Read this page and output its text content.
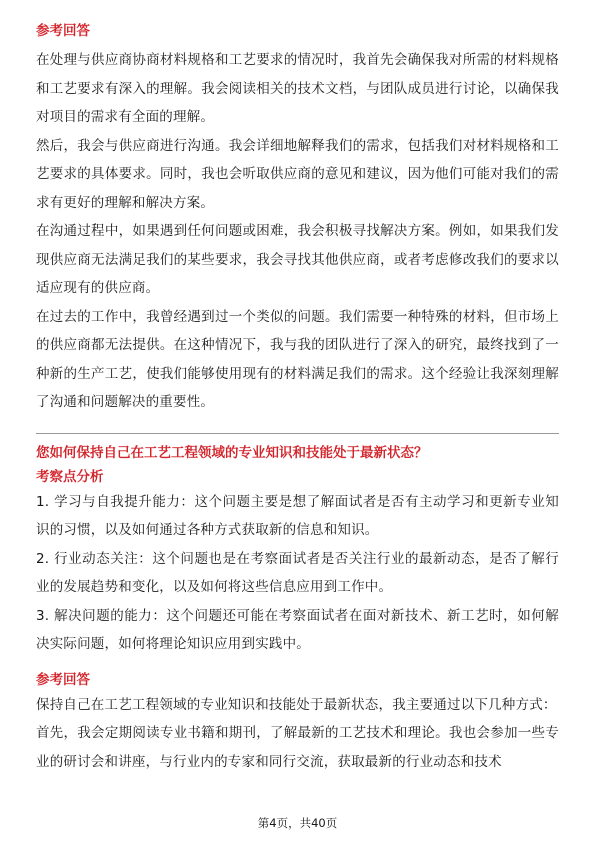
参考回答

在处理与供应商协商材料规格和工艺要求的情况时，我首先会确保我对所需的材料规格和工艺要求有深入的理解。我会阅读相关的技术文档，与团队成员进行讨论，以确保我对项目的需求有全面的理解。

然后，我会与供应商进行沟通。我会详细地解释我们的需求，包括我们对材料规格和工艺要求的具体要求。同时，我也会听取供应商的意见和建议，因为他们可能对我们的需求有更好的理解和解决方案。

在沟通过程中，如果遇到任何问题或困难，我会积极寻找解决方案。例如，如果我们发现供应商无法满足我们的某些要求，我会寻找其他供应商，或者考虑修改我们的要求以适应现有的供应商。

在过去的工作中，我曾经遇到过一个类似的问题。我们需要一种特殊的材料，但市场上的供应商都无法提供。在这种情况下，我与我的团队进行了深入的研究，最终找到了一种新的生产工艺，使我们能够使用现有的材料满足我们的需求。这个经验让我深刻理解了沟通和问题解决的重要性。

您如何保持自己在工艺工程领域的专业知识和技能处于最新状态？

考察点分析

1. 学习与自我提升能力：这个问题主要是想了解面试者是否有主动学习和更新专业知识的习惯，以及如何通过各种方式获取新的信息和知识。

2. 行业动态关注：这个问题也是在考察面试者是否关注行业的最新动态，是否了解行业的发展趋势和变化，以及如何将这些信息应用到工作中。

3. 解决问题的能力：这个问题还可能在考察面试者在面对新技术、新工艺时，如何解决实际问题，如何将理论知识应用到实践中。

参考回答

保持自己在工艺工程领域的专业知识和技能处于最新状态，我主要通过以下几种方式：

首先，我会定期阅读专业书籍和期刊，了解最新的工艺技术和理论。我也会参加一些专业的研讨会和讲座，与行业内的专家和同行交流，获取最新的行业动态和技术

第4页，共40页
